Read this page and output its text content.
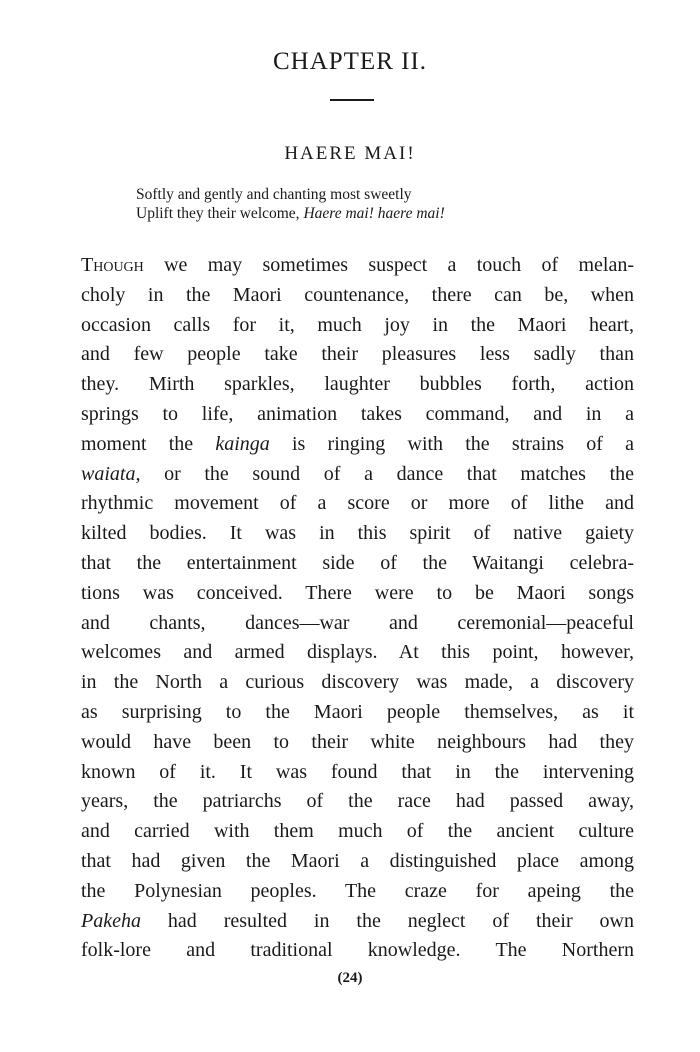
CHAPTER II.
HAERE MAI!
Softly and gently and chanting most sweetly
Uplift they their welcome, Haere mai! haere mai!
Though we may sometimes suspect a touch of melan-
choly in the Maori countenance, there can be, when
occasion calls for it, much joy in the Maori heart,
and few people take their pleasures less sadly than
they. Mirth sparkles, laughter bubbles forth, action
springs to life, animation takes command, and in a
moment the kainga is ringing with the strains of a
waiata, or the sound of a dance that matches the
rhythmic movement of a score or more of lithe and
kilted bodies. It was in this spirit of native gaiety
that the entertainment side of the Waitangi celebra-
tions was conceived. There were to be Maori songs
and chants, dances—war and ceremonial—peaceful
welcomes and armed displays. At this point, however,
in the North a curious discovery was made, a discovery
as surprising to the Maori people themselves, as it
would have been to their white neighbours had they
known of it. It was found that in the intervening
years, the patriarchs of the race had passed away,
and carried with them much of the ancient culture
that had given the Maori a distinguished place among
the Polynesian peoples. The craze for apeing the
Pakeha had resulted in the neglect of their own
folk-lore and traditional knowledge. The Northern
(24)
